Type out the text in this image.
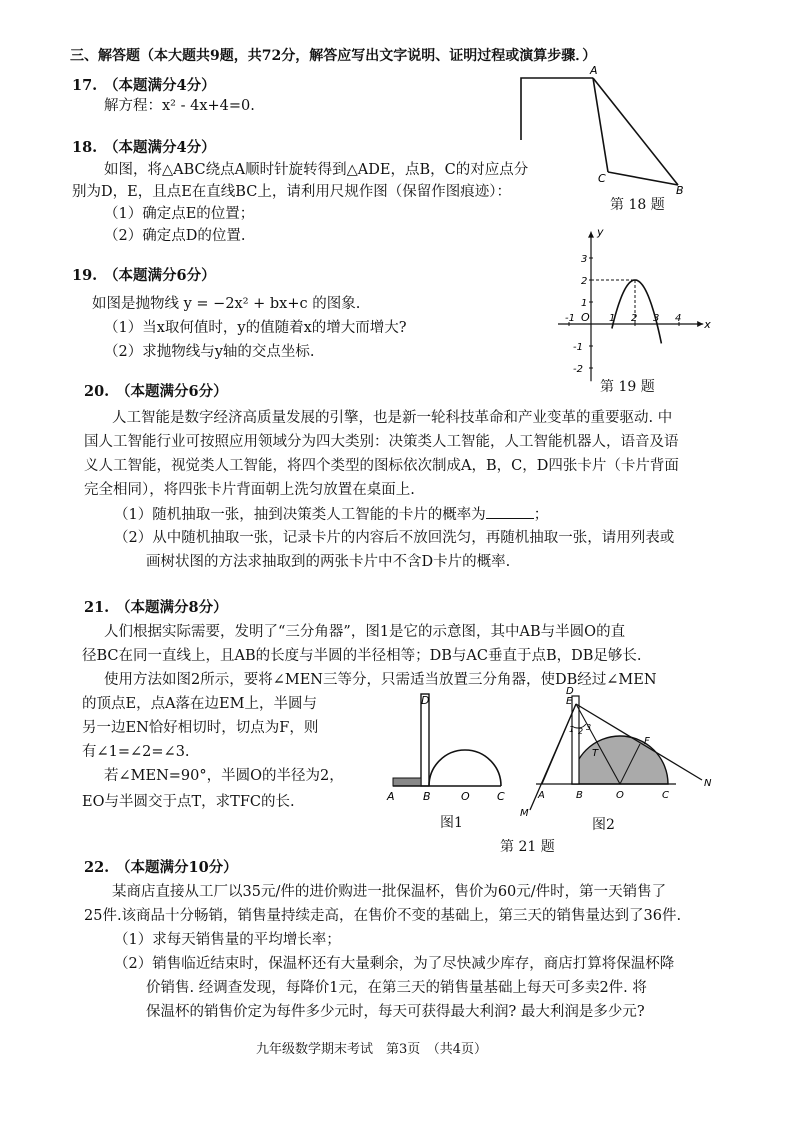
三、解答题（本大题共9题，共72分，解答应写出文字说明、证明过程或演算步骤．）
17. （本题满分4分）
解方程：x² - 4x+4=0.
18. （本题满分4分）
如图，将△ABC绕点A顺时针旋转得到△ADE，点B，C的对应点分
别为D，E，且点E在直线BC上，请利用尺规作图（保留作图痕迹）：
（1）确定点E的位置；
（2）确定点D的位置.
A
C
B
第 18 题
19. （本题满分6分）
如图是抛物线 y = −2x² + bx+c 的图象.
（1）当x取何值时，y的值随着x的增大而增大?
（2）求抛物线与y轴的交点坐标.
x
y
O
-1	1 2 3 4
3
2
1
-1
-2
第 19 题
20. （本题满分6分）
人工智能是数字经济高质量发展的引擎，也是新一轮科技革命和产业变革的重要驱动. 中
国人工智能行业可按照应用领域分为四大类别：决策类人工智能，人工智能机器人，语音及语
义人工智能，视觉类人工智能，将四个类型的图标依次制成A，B，C，D四张卡片（卡片背面
完全相同），将四张卡片背面朝上洗匀放置在桌面上.
（1）随机抽取一张，抽到决策类人工智能的卡片的概率为	；
（2）从中随机抽取一张，记录卡片的内容后不放回洗匀，再随机抽取一张，请用列表或
画树状图的方法求抽取到的两张卡片中不含D卡片的概率.
21. （本题满分8分）
人们根据实际需要，发明了“三分角器”，图1是它的示意图，其中AB与半圆O的直
径BC在同一直线上，且AB的长度与半圆的半径相等；DB与AC垂直于点B，DB足够长.
使用方法如图2所示，要将∠MEN三等分，只需适当放置三分角器，使DB经过∠MEN
的顶点E，点A落在边EM上，半圆与
另一边EN恰好相切时，切点为F，则
有∠1=∠2=∠3.
若∠MEN=90°，半圆O的半径为2，
EO与半圆交于点T，求TFC的长.
D
A	B	O C
图1
E
D
F
T
M
N
A	B	O	C
1 2 3
图2
第 21 题
22. （本题满分10分）
某商店直接从工厂以35元/件的进价购进一批保温杯，售价为60元/件时，第一天销售了
25件.该商品十分畅销，销售量持续走高，在售价不变的基础上，第三天的销售量达到了36件.
（1）求每天销售量的平均增长率；
（2）销售临近结束时，保温杯还有大量剩余，为了尽快减少库存，商店打算将保温杯降
价销售. 经调查发现，每降价1元，在第三天的销售量基础上每天可多卖2件. 将
保温杯的销售价定为每件多少元时，每天可获得最大利润? 最大利润是多少元?
九年级数学期末考试　第3页　（共4页）
